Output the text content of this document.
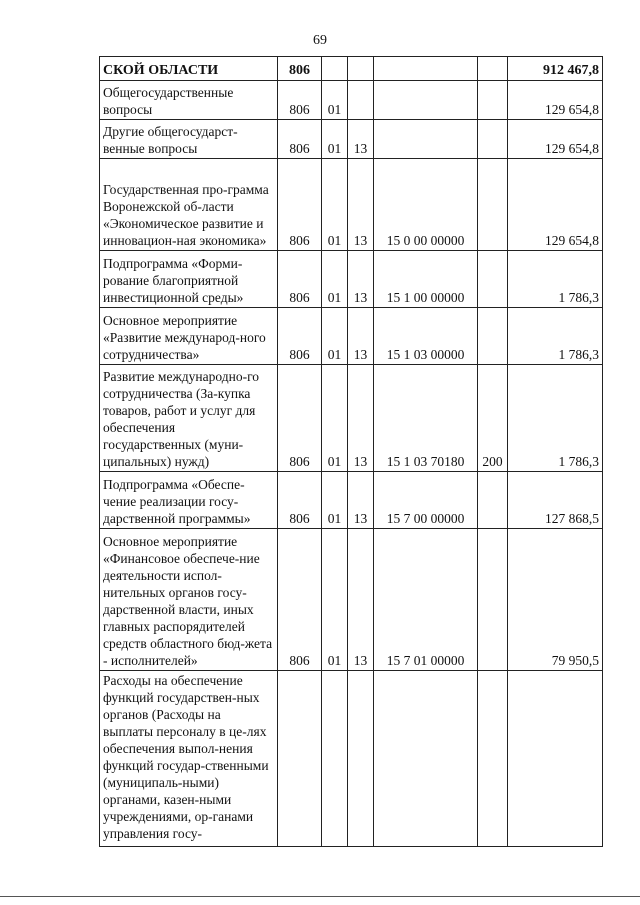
69
СКОЙ ОБЛАСТИ	806					912 467,8
Общегосударственные вопросы	806	01				129 654,8
Другие общегосударст-венные вопросы	806	01	13			129 654,8
Государственная про-грамма Воронежской об-ласти «Экономическое развитие и инновацион-ная экономика»	806	01	13	15 0 00 00000		129 654,8
Подпрограмма «Форми-рование благоприятной инвестиционной среды»	806	01	13	15 1 00 00000		1 786,3
Основное мероприятие «Развитие международ-ного сотрудничества»	806	01	13	15 1 03 00000		1 786,3
Развитие международно-го сотрудничества (За-купка товаров, работ и услуг для обеспечения государственных (муни-ципальных) нужд)	806	01	13	15 1 03 70180	200	1 786,3
Подпрограмма «Обеспе-чение реализации госу-дарственной программы»	806	01	13	15 7 00 00000		127 868,5
Основное мероприятие «Финансовое обеспече-ние деятельности испол-нительных органов госу-дарственной власти, иных главных распорядителей средств областного бюд-жета - исполнителей»	806	01	13	15 7 01 00000		79 950,5
Расходы на обеспечение функций государствен-ных органов (Расходы на выплаты персоналу в це-лях обеспечения выпол-нения функций государ-ственными (муниципаль-ными) органами, казен-ными учреждениями, ор-ганами управления госу-						
